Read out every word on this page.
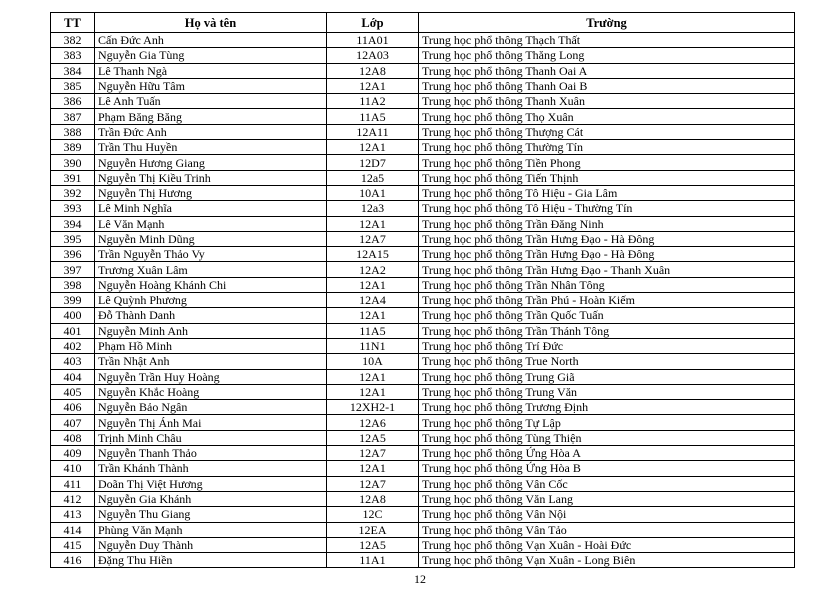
TT	Họ và tên	Lớp	Trường
382	Cấn Đức Anh	11A01	Trung học phổ thông Thạch Thất
383	Nguyễn Gia Tùng	12A03	Trung học phổ thông Thăng Long
384	Lê Thanh Ngà	12A8	Trung học phổ thông Thanh Oai A
385	Nguyễn Hữu Tâm	12A1	Trung học phổ thông Thanh Oai B
386	Lê Anh Tuấn	11A2	Trung học phổ thông Thanh Xuân
387	Phạm Băng Băng	11A5	Trung học phổ thông Thọ Xuân
388	Trần Đức Anh	12A11	Trung học phổ thông Thượng Cát
389	Trần Thu Huyền	12A1	Trung học phổ thông Thường Tín
390	Nguyễn Hương Giang	12D7	Trung học phổ thông Tiền Phong
391	Nguyễn Thị Kiều Trinh	12a5	Trung học phổ thông Tiến Thịnh
392	Nguyễn Thị Hương	10A1	Trung học phổ thông Tô Hiệu - Gia Lâm
393	Lê Minh Nghĩa	12a3	Trung học phổ thông Tô Hiệu - Thường Tín
394	Lê Văn Mạnh	12A1	Trung học phổ thông Trần Đăng Ninh
395	Nguyễn Minh Dũng	12A7	Trung học phổ thông Trần Hưng Đạo - Hà Đông
396	Trần Nguyễn Thảo Vy	12A15	Trung học phổ thông Trần Hưng Đạo - Hà Đông
397	Trương Xuân Lâm	12A2	Trung học phổ thông Trần Hưng Đạo - Thanh Xuân
398	Nguyễn Hoàng Khánh Chi	12A1	Trung học phổ thông Trần Nhân Tông
399	Lê Quỳnh Phương	12A4	Trung học phổ thông Trần Phú - Hoàn Kiếm
400	Đỗ Thành Danh	12A1	Trung học phổ thông Trần Quốc Tuấn
401	Nguyễn Minh Anh	11A5	Trung học phổ thông Trần Thánh Tông
402	Phạm Hồ Minh	11N1	Trung học phổ thông Trí Đức
403	Trần Nhật Anh	10A	Trung học phổ thông True North
404	Nguyễn Trần Huy Hoàng	12A1	Trung học phổ thông Trung Giã
405	Nguyễn Khắc Hoàng	12A1	Trung học phổ thông Trung Văn
406	Nguyễn Bảo Ngân	12XH2-1	Trung học phổ thông Trương Định
407	Nguyễn Thị Ánh Mai	12A6	Trung học phổ thông Tự Lập
408	Trịnh Minh Châu	12A5	Trung học phổ thông Tùng Thiện
409	Nguyễn Thanh Thảo	12A7	Trung học phổ thông Ứng Hòa A
410	Trần Khánh Thành	12A1	Trung học phổ thông Ứng Hòa B
411	Doãn Thị Việt Hương	12A7	Trung học phổ thông Vân Cốc
412	Nguyễn Gia Khánh	12A8	Trung học phổ thông Văn Lang
413	Nguyễn Thu Giang	12C	Trung học phổ thông Vân Nội
414	Phùng Văn Mạnh	12EA	Trung học phổ thông Vân Tảo
415	Nguyễn Duy Thành	12A5	Trung học phổ thông Vạn Xuân - Hoài Đức
416	Đặng Thu Hiền	11A1	Trung học phổ thông Vạn Xuân - Long Biên
12
